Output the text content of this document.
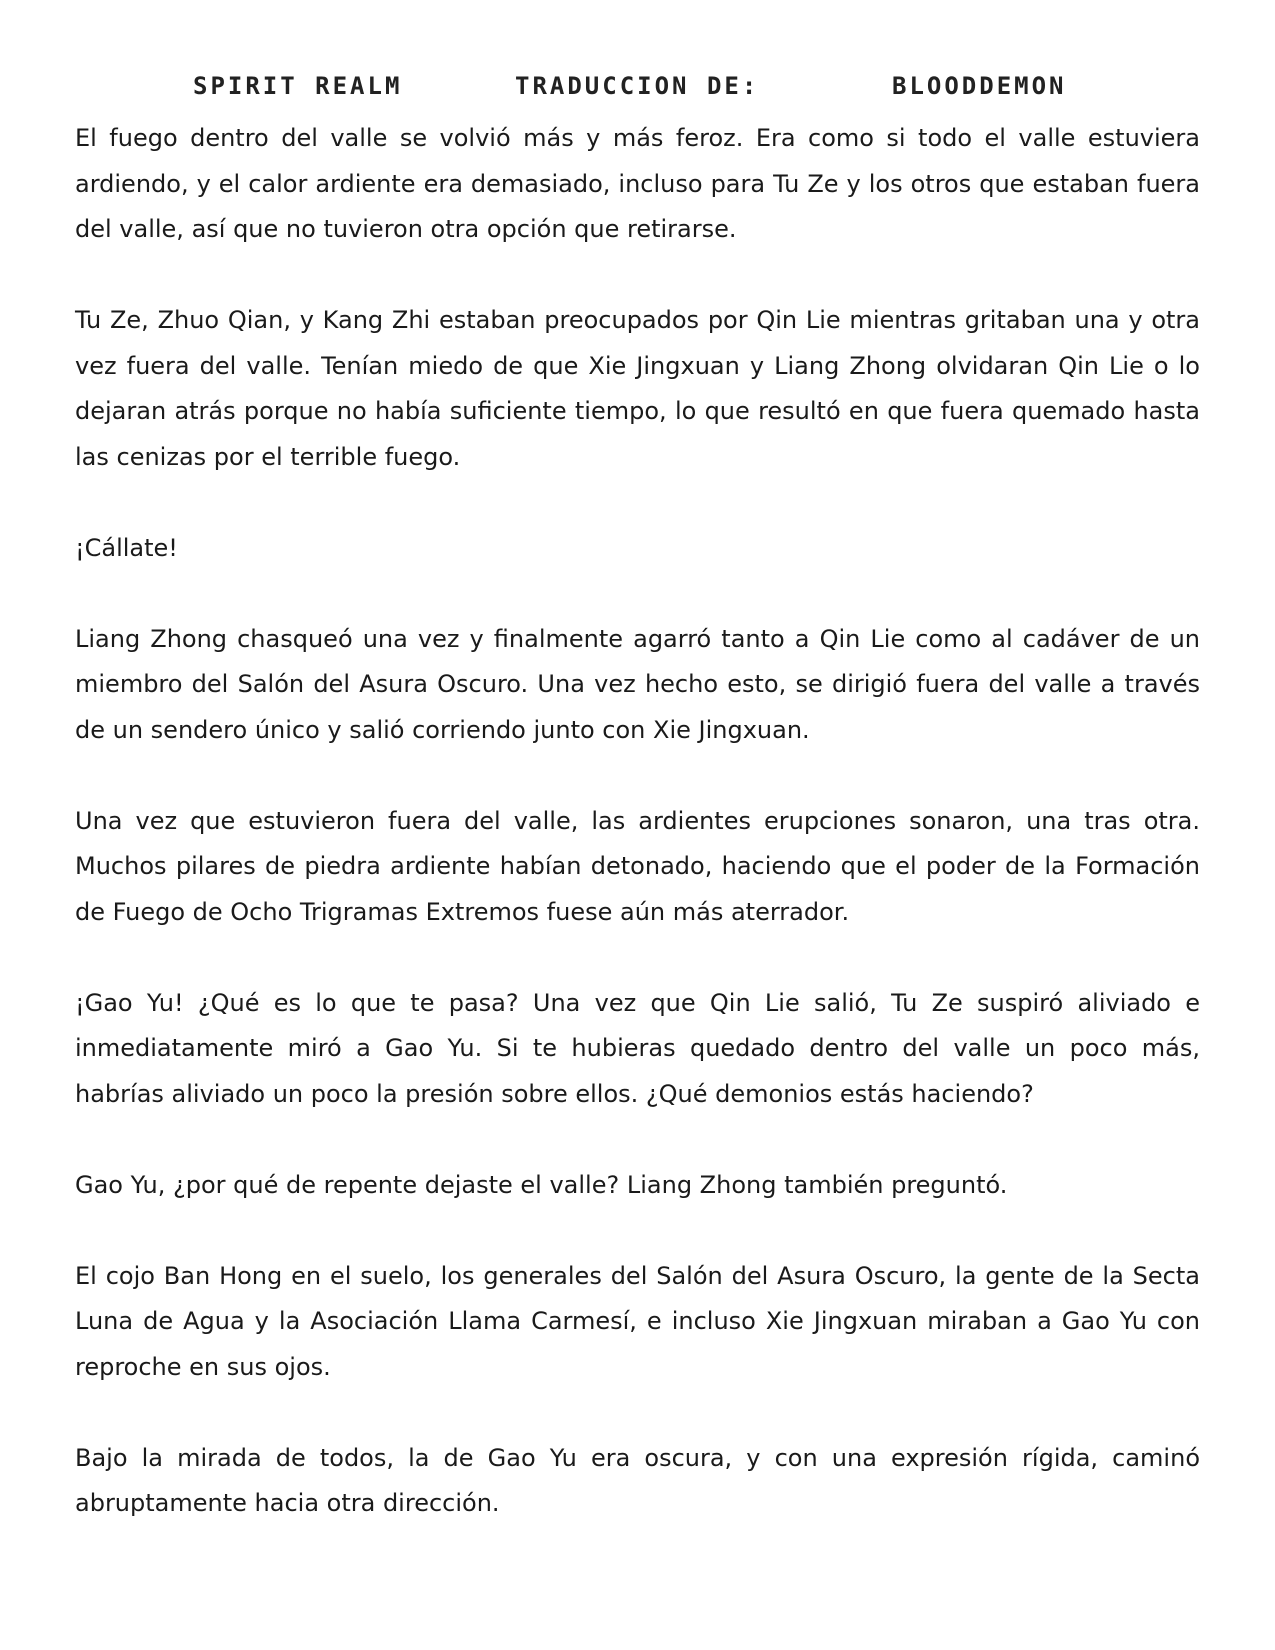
SPIRIT REALM	TRADUCCION DE:	BLOODDEMON

El fuego dentro del valle se volvió más y más feroz. Era como si todo el valle estuviera ardiendo, y el calor ardiente era demasiado, incluso para Tu Ze y los otros que estaban fuera del valle, así que no tuvieron otra opción que retirarse.

Tu Ze, Zhuo Qian, y Kang Zhi estaban preocupados por Qin Lie mientras gritaban una y otra vez fuera del valle. Tenían miedo de que Xie Jingxuan y Liang Zhong olvidaran Qin Lie o lo dejaran atrás porque no había suficiente tiempo, lo que resultó en que fuera quemado hasta las cenizas por el terrible fuego.

¡Cállate!

Liang Zhong chasqueó una vez y finalmente agarró tanto a Qin Lie como al cadáver de un miembro del Salón del Asura Oscuro. Una vez hecho esto, se dirigió fuera del valle a través de un sendero único y salió corriendo junto con Xie Jingxuan.

Una vez que estuvieron fuera del valle, las ardientes erupciones sonaron, una tras otra. Muchos pilares de piedra ardiente habían detonado, haciendo que el poder de la Formación de Fuego de Ocho Trigramas Extremos fuese aún más aterrador.

¡Gao Yu! ¿Qué es lo que te pasa? Una vez que Qin Lie salió, Tu Ze suspiró aliviado e inmediatamente miró a Gao Yu. Si te hubieras quedado dentro del valle un poco más, habrías aliviado un poco la presión sobre ellos. ¿Qué demonios estás haciendo?

Gao Yu, ¿por qué de repente dejaste el valle? Liang Zhong también preguntó.

El cojo Ban Hong en el suelo, los generales del Salón del Asura Oscuro, la gente de la Secta Luna de Agua y la Asociación Llama Carmesí, e incluso Xie Jingxuan miraban a Gao Yu con reproche en sus ojos.

Bajo la mirada de todos, la de Gao Yu era oscura, y con una expresión rígida, caminó abruptamente hacia otra dirección.
